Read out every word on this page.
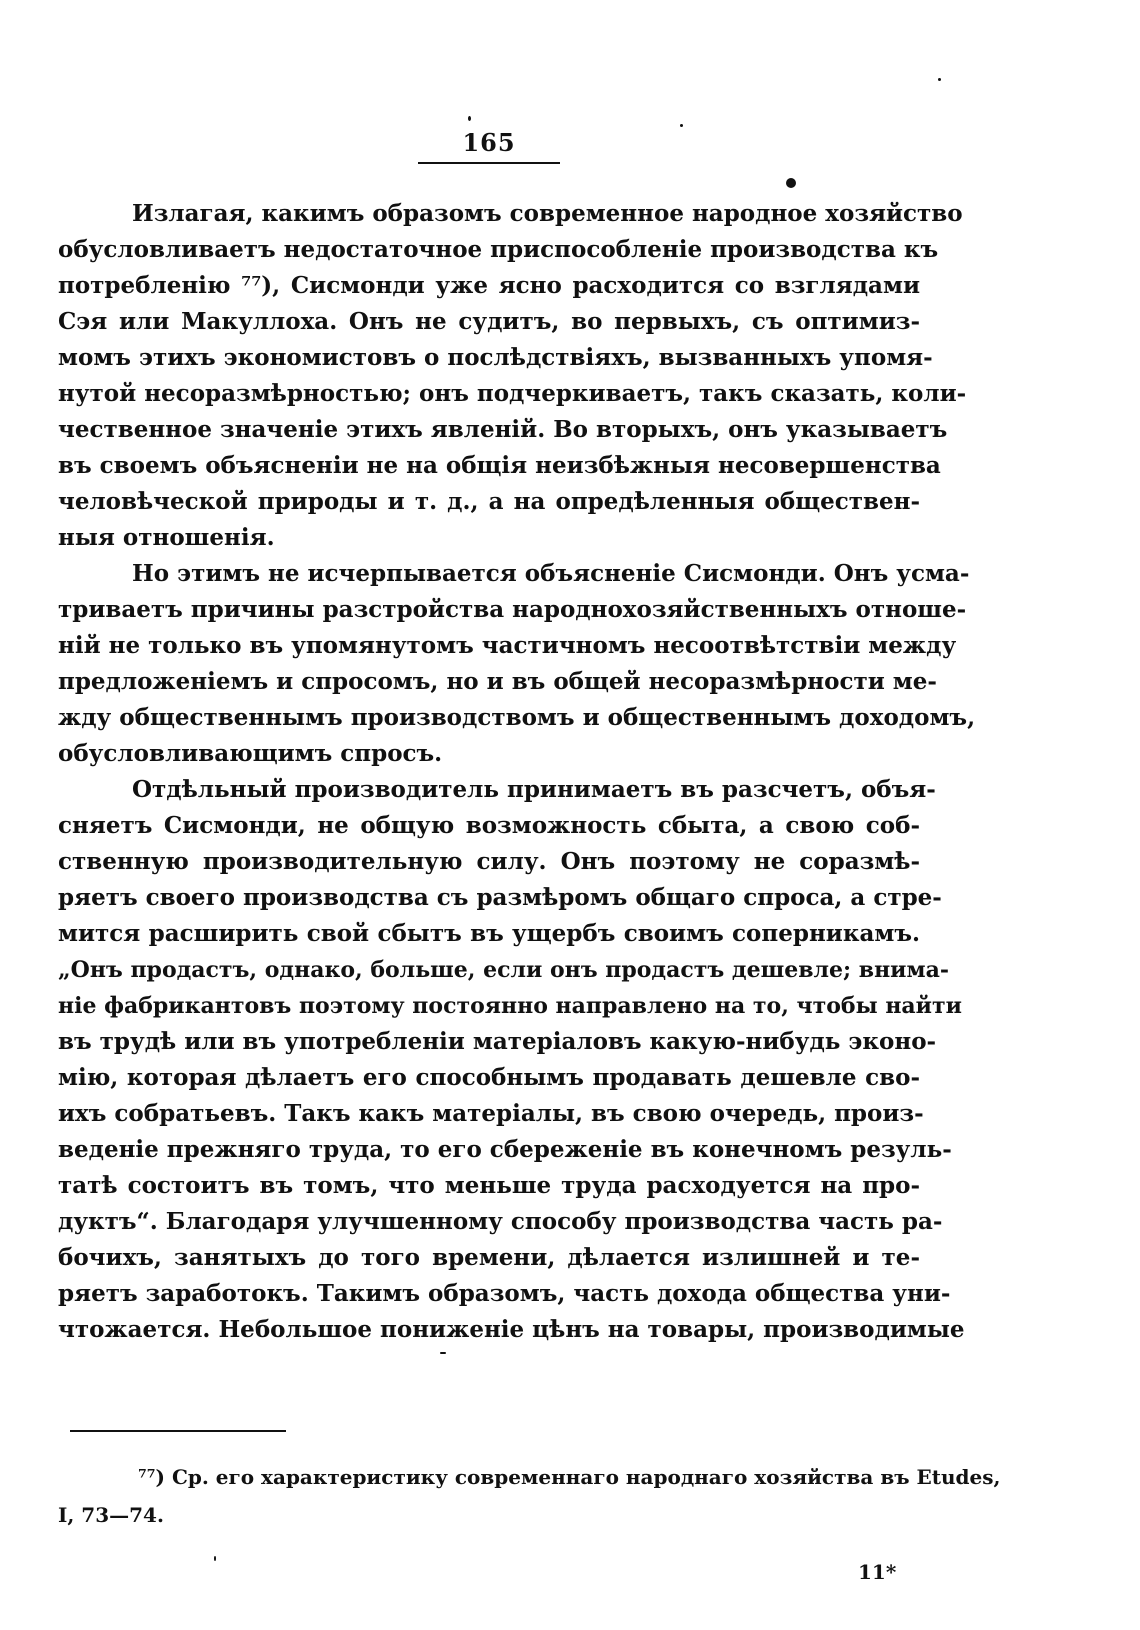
165
Излагая, какимъ образомъ современное народное хозяйство
обусловливаетъ недостаточное приспособленіе производства къ
потребленію ⁷⁷), Сисмонди уже ясно расходится со взглядами
Сэя или Макуллоха. Онъ не судитъ, во первыхъ, съ оптимиз-
момъ этихъ экономистовъ о послѣдствіяхъ, вызванныхъ упомя-
нутой несоразмѣрностью; онъ подчеркиваетъ, такъ сказать, коли-
чественное значеніе этихъ явленій. Во вторыхъ, онъ указываетъ
въ своемъ объясненіи не на общія неизбѣжныя несовершенства
человѣческой природы и т. д., а на опредѣленныя обществен-
ныя отношенія.
Но этимъ не исчерпывается объясненіе Сисмонди. Онъ усма-
триваетъ причины разстройства народнохозяйственныхъ отноше-
ній не только въ упомянутомъ частичномъ несоотвѣтствіи между
предложеніемъ и спросомъ, но и въ общей несоразмѣрности ме-
жду общественнымъ производствомъ и общественнымъ доходомъ,
обусловливающимъ спросъ.
Отдѣльный производитель принимаетъ въ разсчетъ, объя-
сняетъ Сисмонди, не общую возможность сбыта, а свою соб-
ственную производительную силу. Онъ поэтому не соразмѣ-
ряетъ своего производства съ размѣромъ общаго спроса, а стре-
мится расширить свой сбытъ въ ущербъ своимъ соперникамъ.
„Онъ продастъ, однако, больше, если онъ продастъ дешевле; внима-
ніе фабрикантовъ поэтому постоянно направлено на то, чтобы найти
въ трудѣ или въ употребленіи матеріаловъ какую-нибудь эконо-
мію, которая дѣлаетъ его способнымъ продавать дешевле сво-
ихъ собратьевъ. Такъ какъ матеріалы, въ свою очередь, произ-
веденіе прежняго труда, то его сбереженіе въ конечномъ резуль-
татѣ состоитъ въ томъ, что меньше труда расходуется на про-
дуктъ“. Благодаря улучшенному способу производства часть ра-
бочихъ, занятыхъ до того времени, дѣлается излишней и те-
ряетъ заработокъ. Такимъ образомъ, часть дохода общества уни-
чтожается. Небольшое пониженіе цѣнъ на товары, производимые
⁷⁷) Ср. его характеристику современнаго народнаго хозяйства въ Etudes,
I, 73—74.
11*
